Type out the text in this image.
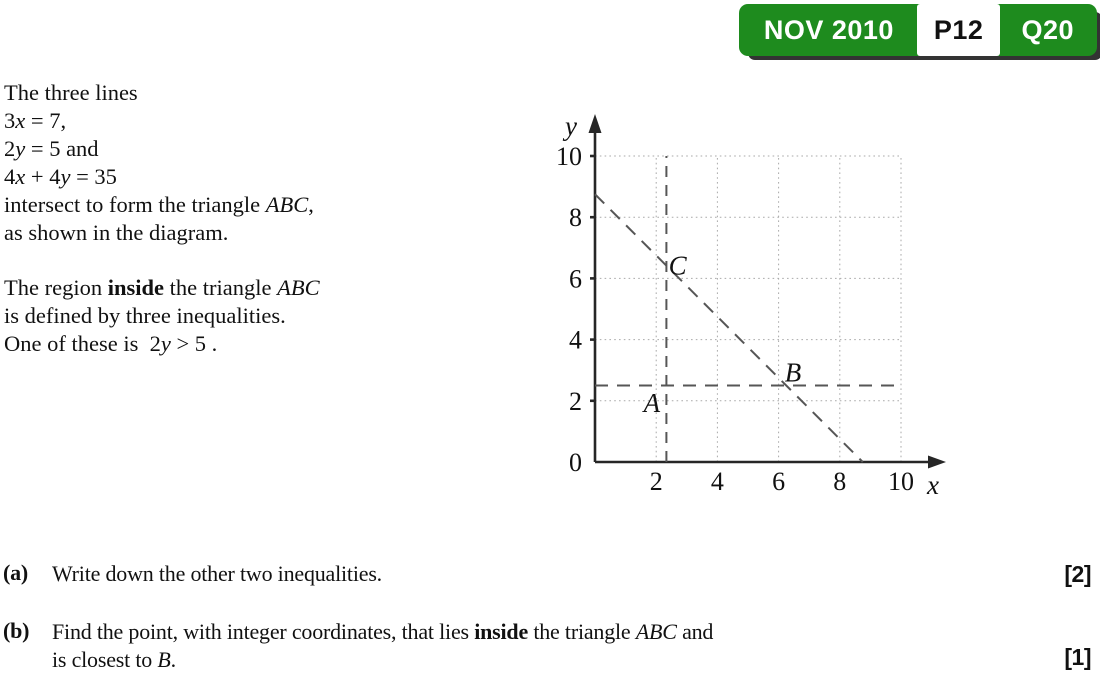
NOV 2010	P12	Q20
The three lines
3x = 7,
2y = 5 and
4x + 4y = 35
intersect to form the triangle ABC,
as shown in the diagram.
The region inside the triangle ABC
is defined by three inequalities.
One of these is  2y > 5 .
0
2
4
6
8
10
2 4 6 8 10
y
x
A
B
C
(a) Write down the other two inequalities.	[2]
(b) Find the point, with integer coordinates, that lies inside the triangle ABC and
is closest to B.	[1]
